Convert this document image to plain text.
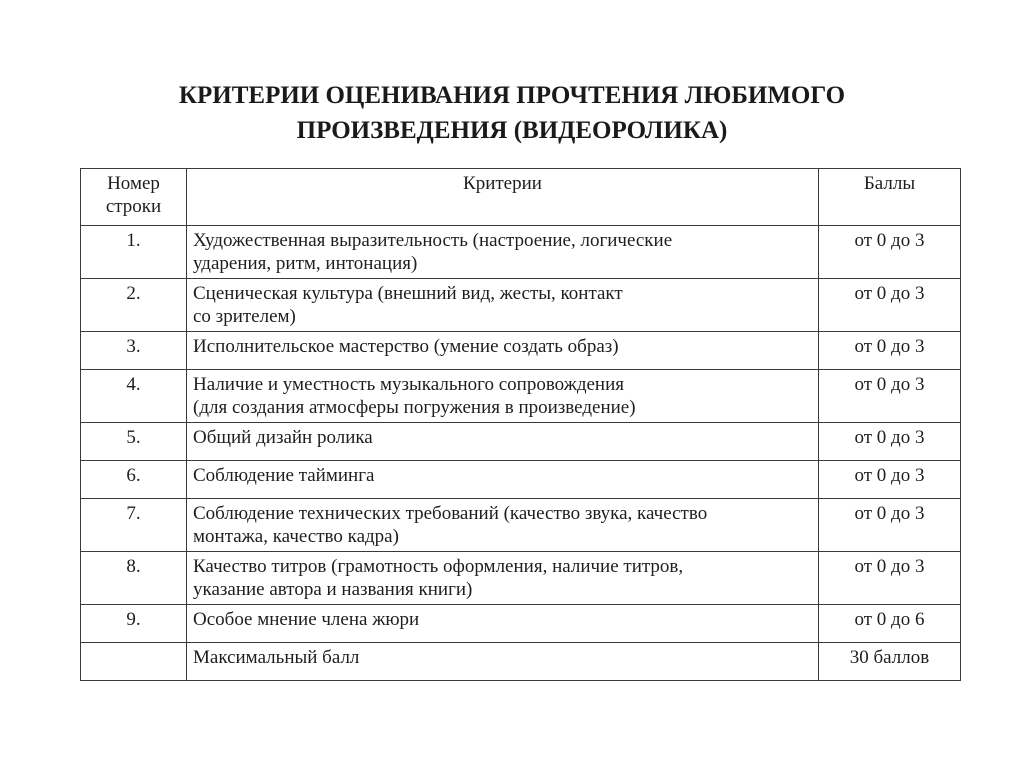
КРИТЕРИИ ОЦЕНИВАНИЯ ПРОЧТЕНИЯ ЛЮБИМОГО
ПРОИЗВЕДЕНИЯ (ВИДЕОРОЛИКА)
Номер
строки	Критерии	Баллы
1.	Художественная выразительность (настроение, логические
ударения, ритм, интонация)	от 0 до 3
2.	Сценическая культура (внешний вид, жесты, контакт
со зрителем)	от 0 до 3
3.	Исполнительское мастерство (умение создать образ)	от 0 до 3
4.	Наличие и уместность музыкального сопровождения
(для создания атмосферы погружения в произведение)	от 0 до 3
5.	Общий дизайн ролика	от 0 до 3
6.	Соблюдение тайминга	от 0 до 3
7.	Соблюдение технических требований (качество звука, качество
монтажа, качество кадра)	от 0 до 3
8.	Качество титров (грамотность оформления, наличие титров,
указание автора и названия книги)	от 0 до 3
9.	Особое мнение члена жюри	от 0 до 6
	Максимальный балл	30 баллов
